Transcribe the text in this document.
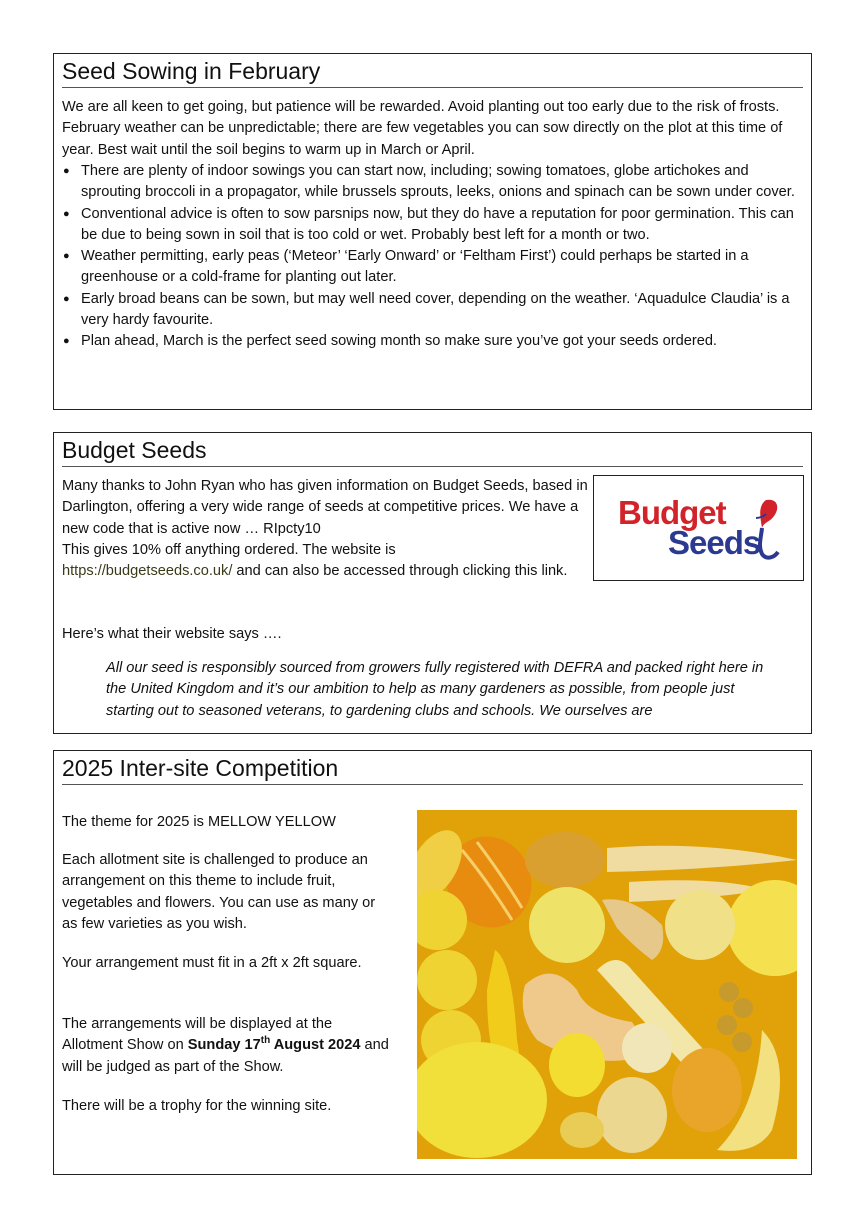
Seed Sowing in February
We are all keen to get going, but patience will be rewarded. Avoid planting out too early due to the risk of frosts. February weather can be unpredictable; there are few vegetables you can sow directly on the plot at this time of year. Best wait until the soil begins to warm up in March or April.
● There are plenty of indoor sowings you can start now, including; sowing tomatoes, globe artichokes and sprouting broccoli in a propagator, while brussels sprouts, leeks, onions and spinach can be sown under cover.
● Conventional advice is often to sow parsnips now, but they do have a reputation for poor germination. This can be due to being sown in soil that is too cold or wet. Probably best left for a month or two.
● Weather permitting, early peas (‘Meteor’ ‘Early Onward’ or ‘Feltham First’) could perhaps be started in a greenhouse or a cold-frame for planting out later.
● Early broad beans can be sown, but may well need cover, depending on the weather. ‘Aquadulce Claudia’ is a very hardy favourite.
● Plan ahead, March is the perfect seed sowing month so make sure you’ve got your seeds ordered.
Budget Seeds
Many thanks to John Ryan who has given information on Budget Seeds, based in Darlington, offering a very wide range of seeds at competitive prices. We have a new code that is active now … RIpcty10
This gives 10% off anything ordered. The website is
https://budgetseeds.co.uk/ and can also be accessed through clicking this link.
Budget
Seeds
Here’s what their website says ….
All our seed is responsibly sourced from growers fully registered with DEFRA and packed right here in the United Kingdom and it’s our ambition to help as many gardeners as possible, from people just starting out to seasoned veterans, to gardening clubs and schools. We ourselves are
2025 Inter-site Competition
The theme for 2025 is MELLOW YELLOW
Each allotment site is challenged to produce an arrangement on this theme to include fruit, vegetables and flowers. You can use as many or as few varieties as you wish.
Your arrangement must fit in a 2ft x 2ft square.
The arrangements will be displayed at the Allotment Show on Sunday 17th August 2024 and will be judged as part of the Show.
There will be a trophy for the winning site.
